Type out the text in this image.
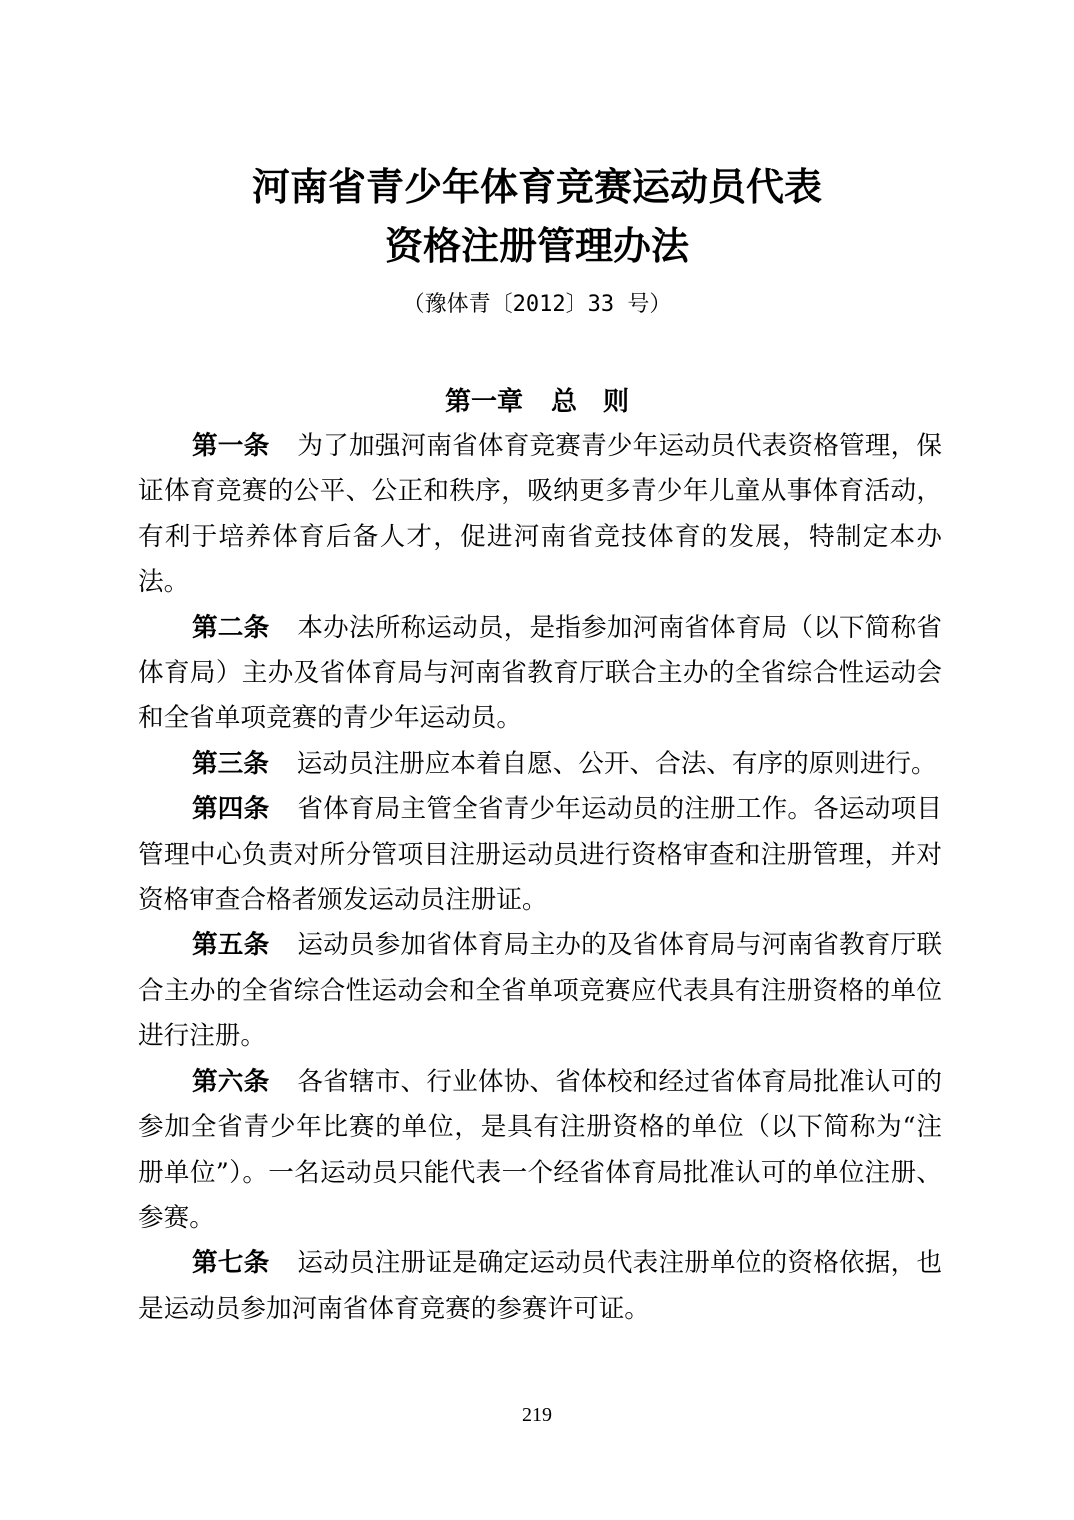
河南省青少年体育竞赛运动员代表
资格注册管理办法
（豫体青〔2012〕33 号）
第一章 总　则

第一条 为了加强河南省体育竞赛青少年运动员代表资格管理，保证体育竞赛的公平、公正和秩序，吸纳更多青少年儿童从事体育活动，有利于培养体育后备人才，促进河南省竞技体育的发展，特制定本办法。

第二条 本办法所称运动员，是指参加河南省体育局（以下简称省体育局）主办及省体育局与河南省教育厅联合主办的全省综合性运动会和全省单项竞赛的青少年运动员。

第三条 运动员注册应本着自愿、公开、合法、有序的原则进行。

第四条 省体育局主管全省青少年运动员的注册工作。各运动项目管理中心负责对所分管项目注册运动员进行资格审查和注册管理，并对资格审查合格者颁发运动员注册证。

第五条 运动员参加省体育局主办的及省体育局与河南省教育厅联合主办的全省综合性运动会和全省单项竞赛应代表具有注册资格的单位进行注册。

第六条 各省辖市、行业体协、省体校和经过省体育局批准认可的参加全省青少年比赛的单位，是具有注册资格的单位（以下简称为“注册单位”）。一名运动员只能代表一个经省体育局批准认可的单位注册、参赛。

第七条 运动员注册证是确定运动员代表注册单位的资格依据，也是运动员参加河南省体育竞赛的参赛许可证。

219
